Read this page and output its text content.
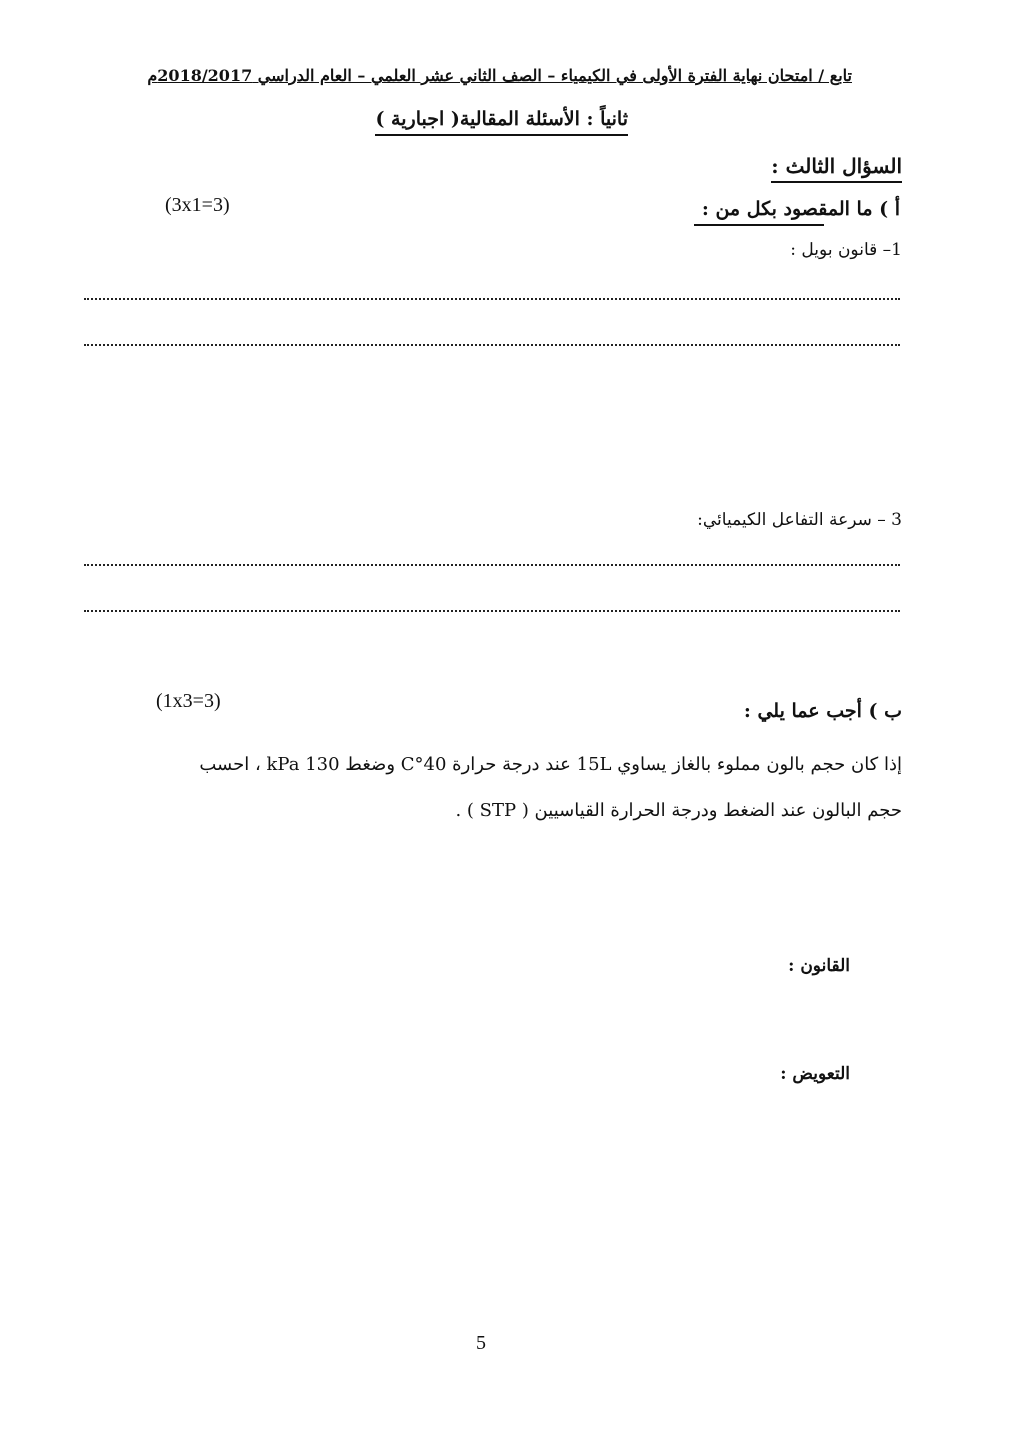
تابع / امتحان نهاية الفترة الأولى في الكيمياء – الصف الثاني عشر العلمي – العام الدراسي 2018/2017م
ثانياً : الأسئلة المقالية( اجبارية )
السؤال الثالث :
أ ) ما المقصود بكل من :
(3x1=3)
1– قانون بويل :
3 – سرعة التفاعل الكيميائي:
ب ) أجب عما يلي :
(1x3=3)
إذا كان حجم بالون مملوء بالغاز يساوي 15L عند درجة حرارة 40°C وضغط 130 kPa ، احسب
حجم البالون عند الضغط ودرجة الحرارة القياسيين ( STP ) .
القانون :
التعويض :
5
